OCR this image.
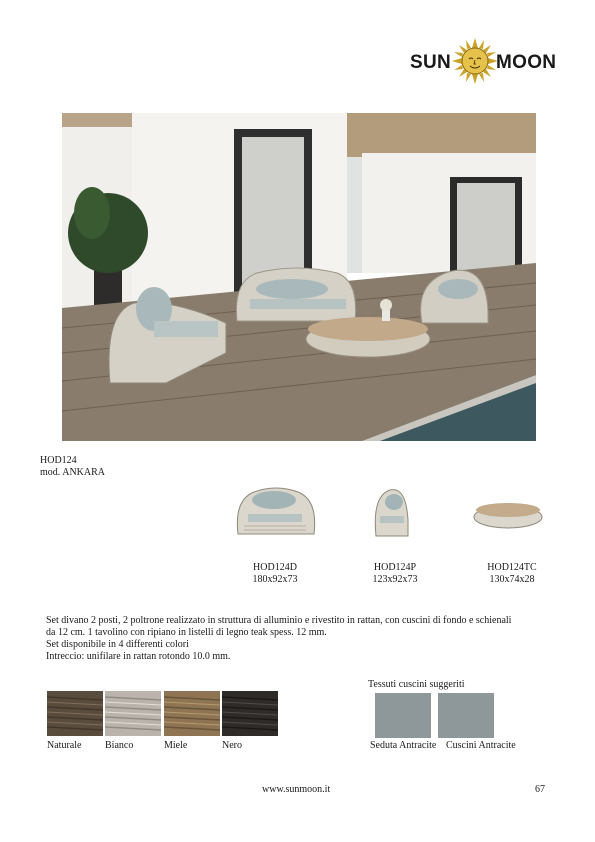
SUN MOON
HOD124
mod. ANKARA
HOD124D
180x92x73
HOD124P
123x92x73
HOD124TC
130x74x28
Set divano 2 posti, 2 poltrone realizzato in struttura di alluminio e rivestito in rattan, con cuscini di fondo e schienali
da 12 cm. 1 tavolino con ripiano in listelli di legno teak spess. 12 mm.
Set disponibile in 4 differenti colori
Intreccio: unifilare in rattan rotondo 10.0 mm.
Naturale Bianco	Miele	Nero
Tessuti cuscini suggeriti
Seduta Antracite Cuscini Antracite
www.sunmoon.it	67
